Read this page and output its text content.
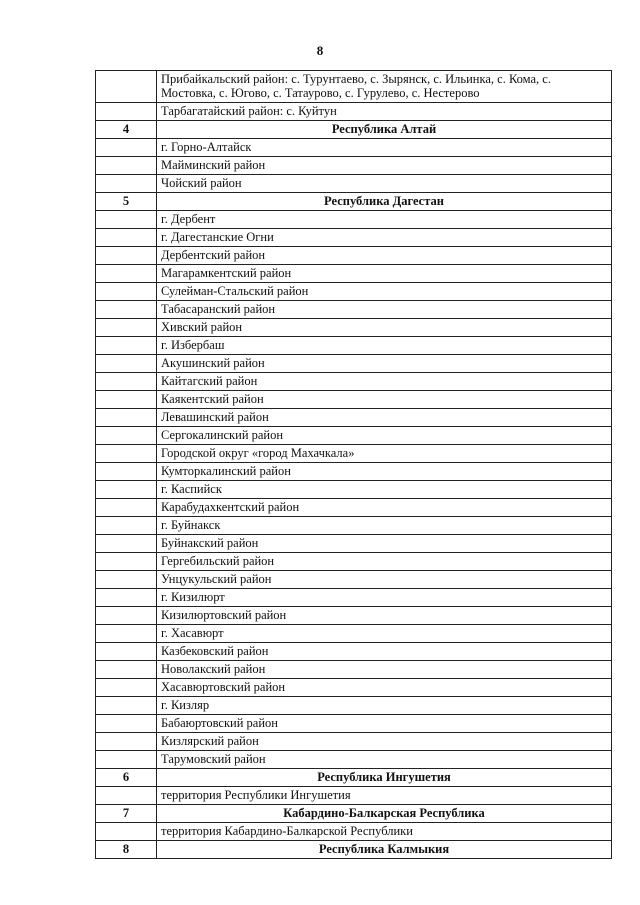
8
	Прибайкальский район: с. Турунтаево, с. Зырянск, с. Ильинка, с. Кома, с. Мостовка, с. Югово, с. Татаурово, с. Гурулево, с. Нестерово
	Тарбагатайский район: с. Куйтун
4	Республика Алтай
	г. Горно-Алтайск
	Майминский район
	Чойский район
5	Республика Дагестан
	г. Дербент
	г. Дагестанские Огни
	Дербентский район
	Магарамкентский район
	Сулейман-Стальский район
	Табасаранский район
	Хивский район
	г. Избербаш
	Акушинский район
	Кайтагский район
	Каякентский район
	Левашинский район
	Сергокалинский район
	Городской округ «город Махачкала»
	Кумторкалинский район
	г. Каспийск
	Карабудахкентский район
	г. Буйнакск
	Буйнакский район
	Гергебильский район
	Унцукульский район
	г. Кизилюрт
	Кизилюртовский район
	г. Хасавюрт
	Казбековский район
	Новолакский район
	Хасавюртовский район
	г. Кизляр
	Бабаюртовский район
	Кизлярский район
	Тарумовский район
6	Республика Ингушетия
	территория Республики Ингушетия
7	Кабардино-Балкарская Республика
	территория Кабардино-Балкарской Республики
8	Республика Калмыкия
